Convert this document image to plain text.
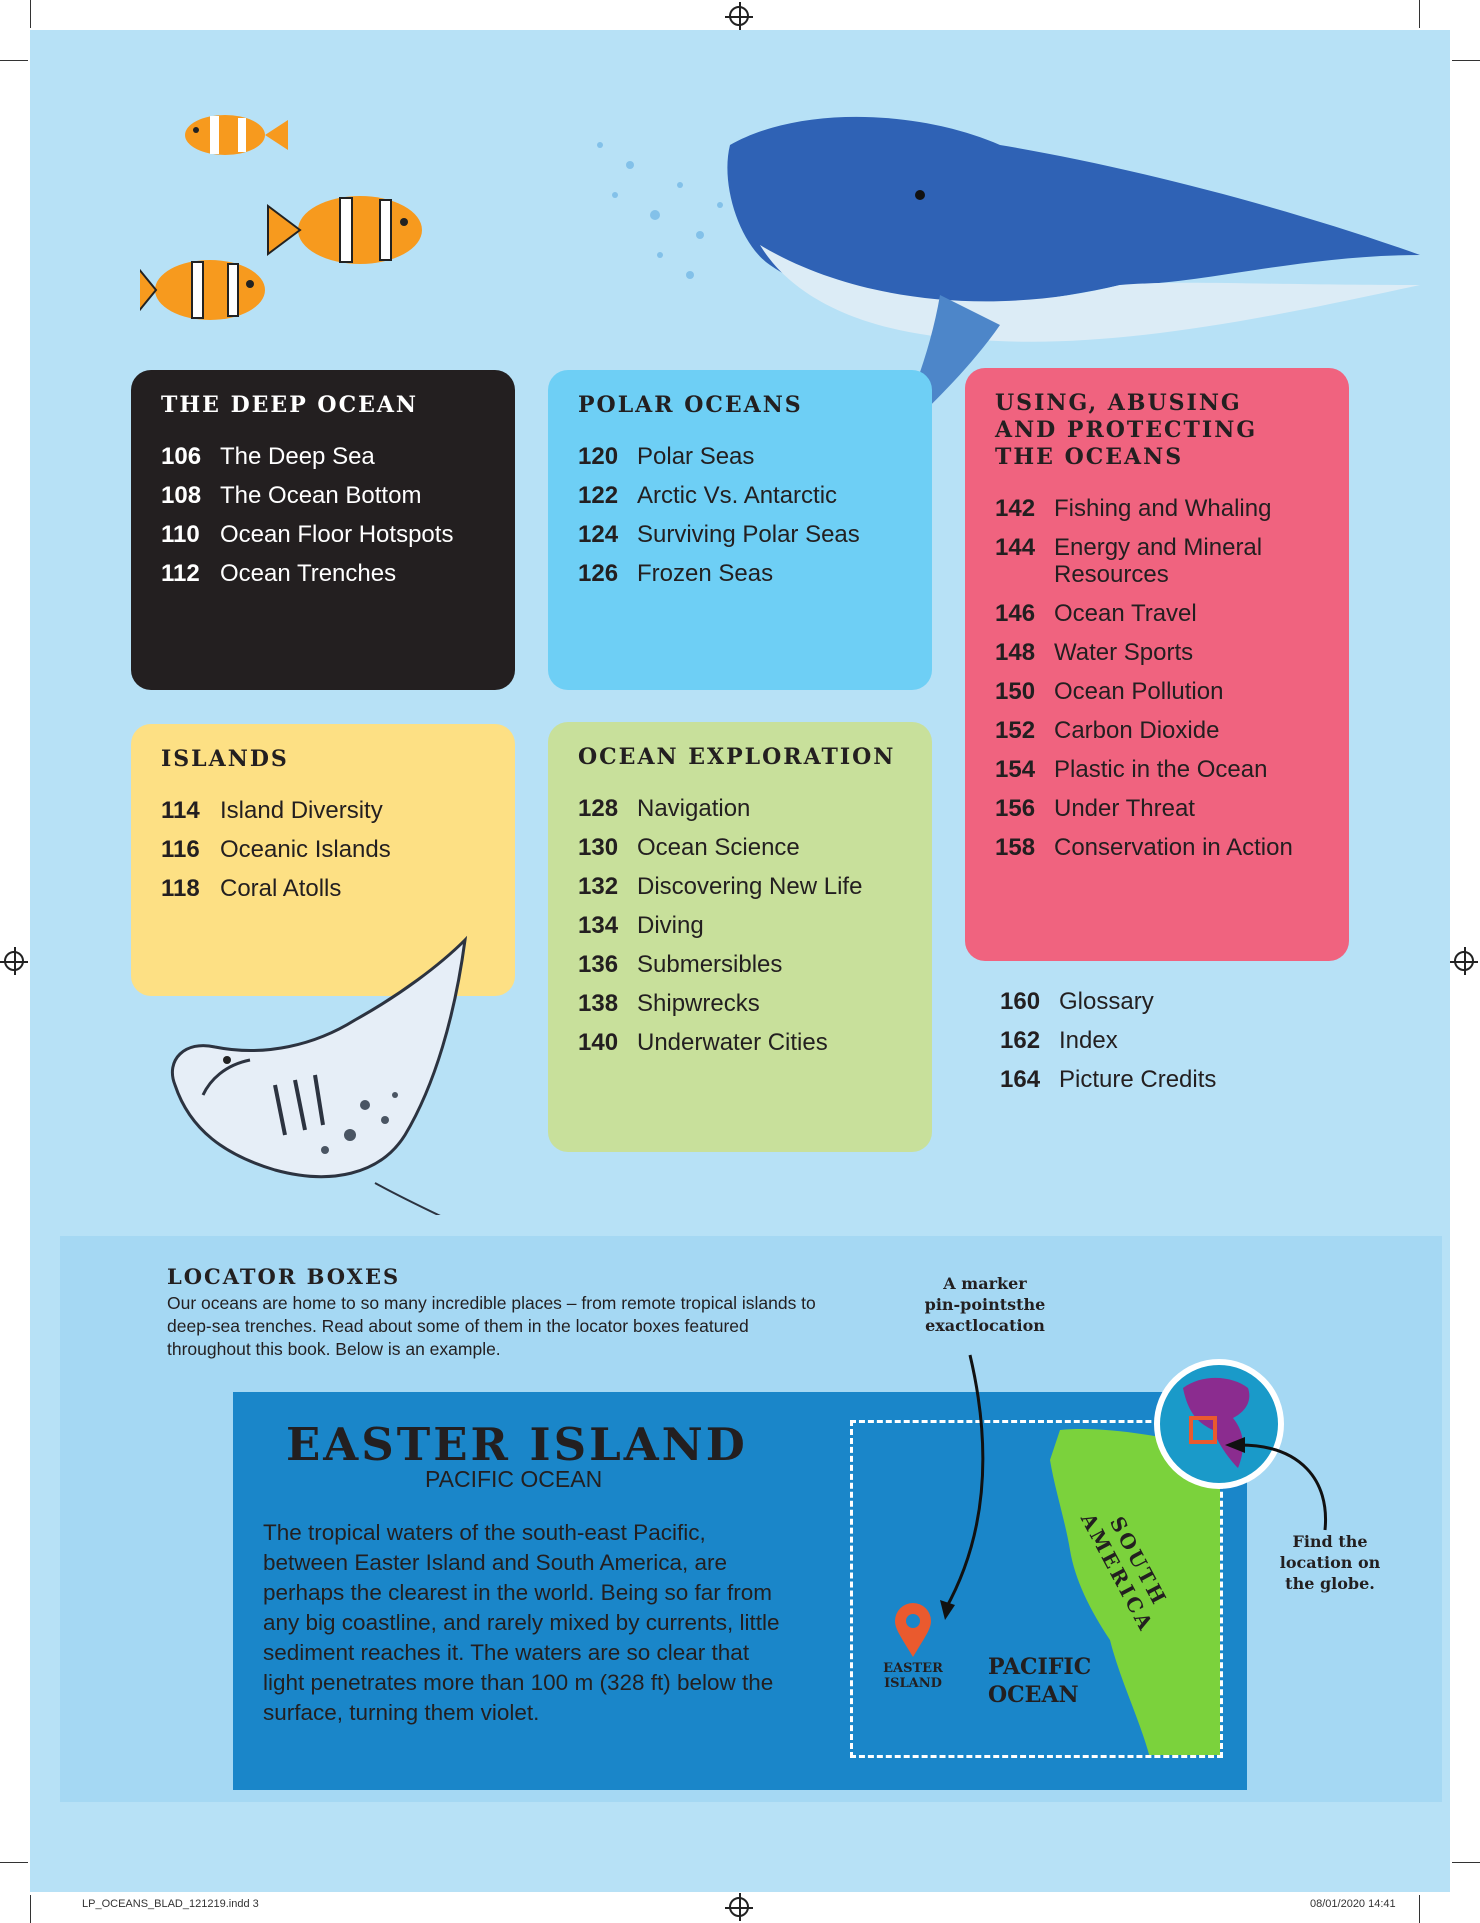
THE DEEP OCEAN
106 The Deep Sea
108 The Ocean Bottom
110 Ocean Floor Hotspots
112 Ocean Trenches
POLAR OCEANS
120 Polar Seas
122 Arctic Vs. Antarctic
124 Surviving Polar Seas
126 Frozen Seas
USING, ABUSING AND PROTECTING THE OCEANS
142 Fishing and Whaling
144 Energy and Mineral Resources
146 Ocean Travel
148 Water Sports
150 Ocean Pollution
152 Carbon Dioxide
154 Plastic in the Ocean
156 Under Threat
158 Conservation in Action
ISLANDS
114 Island Diversity
116 Oceanic Islands
118 Coral Atolls
OCEAN EXPLORATION
128 Navigation
130 Ocean Science
132 Discovering New Life
134 Diving
136 Submersibles
138 Shipwrecks
140 Underwater Cities
160 Glossary
162 Index
164 Picture Credits
LOCATOR BOXES
Our oceans are home to so many incredible places – from remote tropical islands to deep-sea trenches. Read about some of them in the locator boxes featured throughout this book. Below is an example.
A marker
pin-pointsthe
exactlocation
Find the
location on
the globe.
EASTER ISLAND
PACIFIC OCEAN
The tropical waters of the south-east Pacific, between Easter Island and South America, are perhaps the clearest in the world. Being so far from any big coastline, and rarely mixed by currents, little sediment reaches it. The waters are so clear that light penetrates more than 100 m (328 ft) below the surface, turning them violet.
EASTER
ISLAND
PACIFIC
OCEAN
SOUTH AMERICA
LP_OCEANS_BLAD_121219.indd 3	08/01/2020 14:41
